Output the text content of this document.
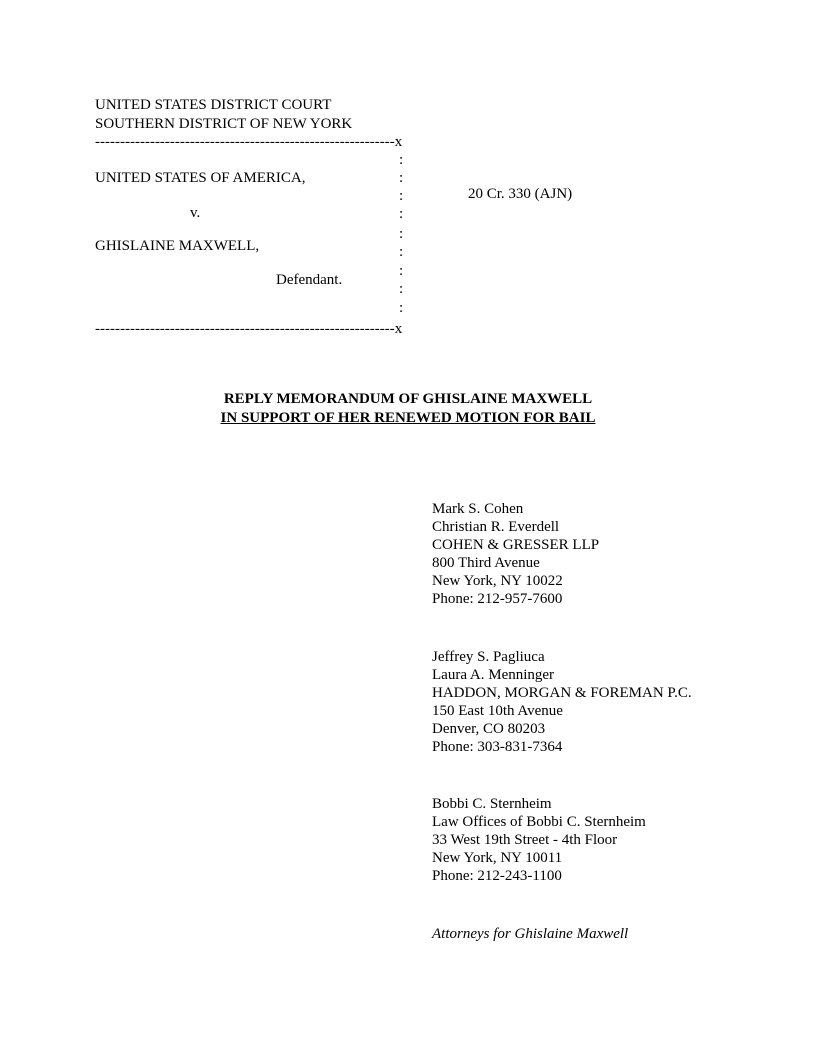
UNITED STATES DISTRICT COURT
SOUTHERN DISTRICT OF NEW YORK
------------------------------------------------------------x
------------------------------------------------------------x
:
:
:
:
:
:
:
:
:
UNITED STATES OF AMERICA,
v.
GHISLAINE MAXWELL,
Defendant.
20 Cr. 330 (AJN)
REPLY MEMORANDUM OF GHISLAINE MAXWELL
IN SUPPORT OF HER RENEWED MOTION FOR BAIL
Mark S. Cohen
Christian R. Everdell
COHEN & GRESSER LLP
800 Third Avenue
New York, NY 10022
Phone: 212-957-7600
Jeffrey S. Pagliuca
Laura A. Menninger
HADDON, MORGAN & FOREMAN P.C.
150 East 10th Avenue
Denver, CO 80203
Phone: 303-831-7364
Bobbi C. Sternheim
Law Offices of Bobbi C. Sternheim
33 West 19th Street - 4th Floor
New York, NY 10011
Phone: 212-243-1100
Attorneys for Ghislaine Maxwell
